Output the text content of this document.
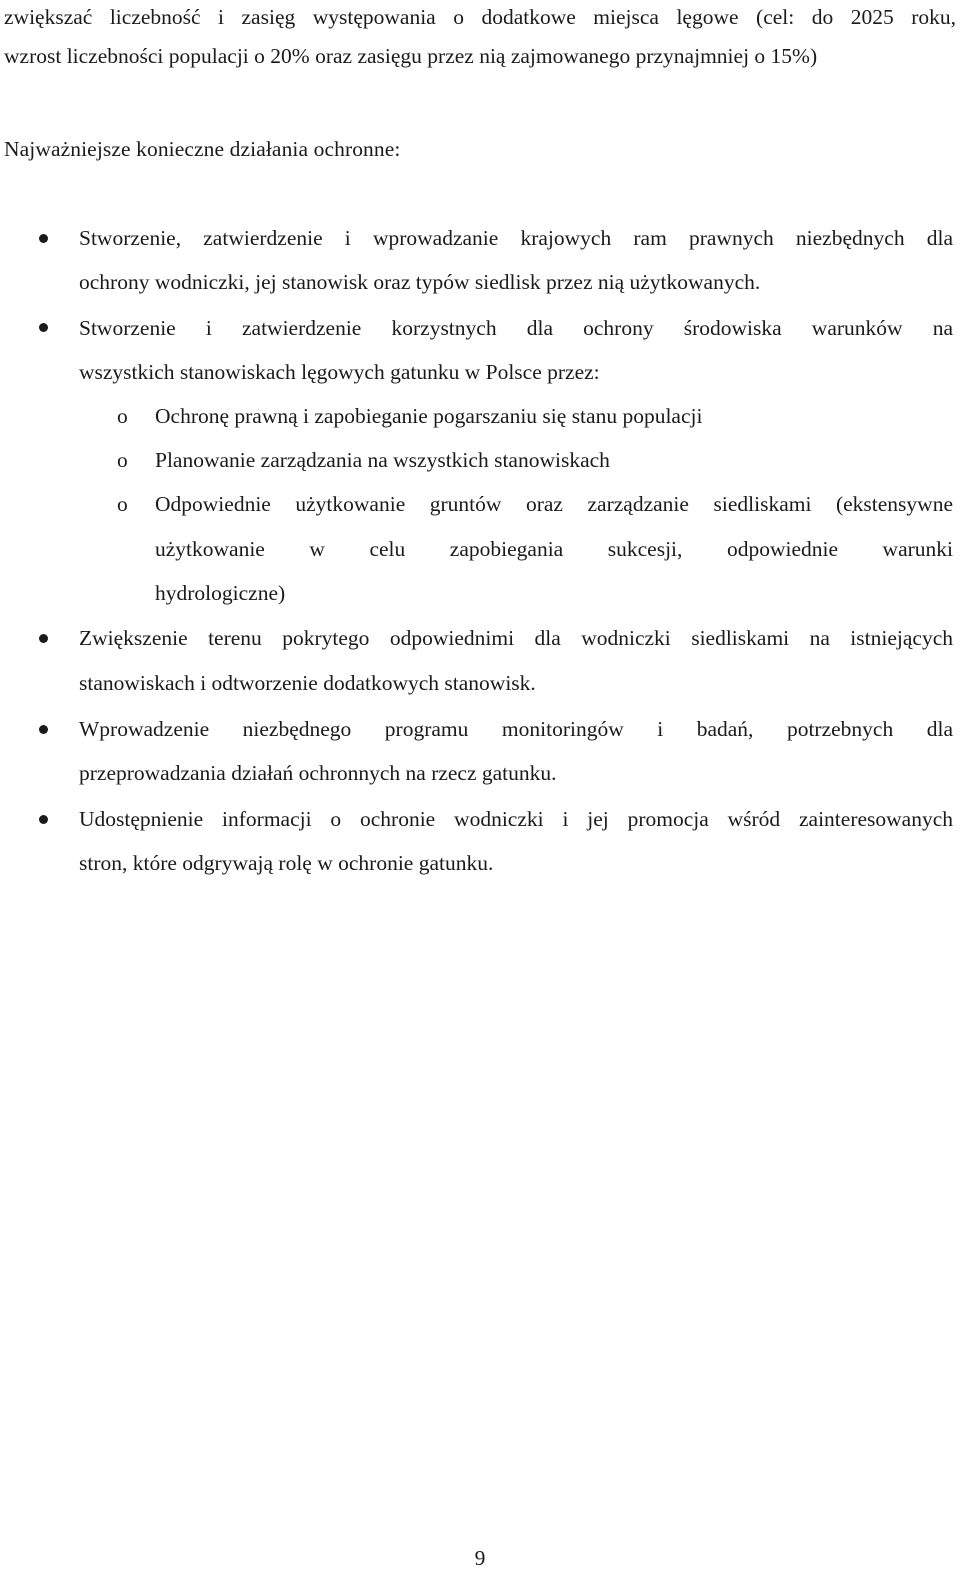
zwiększać liczebność i zasięg występowania o dodatkowe miejsca lęgowe (cel: do 2025 roku,
wzrost liczebności populacji o 20% oraz zasięgu przez nią zajmowanego przynajmniej o 15%)
Najważniejsze konieczne działania ochronne:
Stworzenie, zatwierdzenie i wprowadzanie krajowych ram prawnych niezbędnych dla
ochrony wodniczki, jej stanowisk oraz typów siedlisk przez nią użytkowanych.
Stworzenie i zatwierdzenie korzystnych dla ochrony środowiska warunków na
wszystkich stanowiskach lęgowych gatunku w Polsce przez:
o Ochronę prawną i zapobieganie pogarszaniu się stanu populacji
o Planowanie zarządzania na wszystkich stanowiskach
o Odpowiednie użytkowanie gruntów oraz zarządzanie siedliskami (ekstensywne
użytkowanie w celu zapobiegania sukcesji, odpowiednie warunki
hydrologiczne)
Zwiększenie terenu pokrytego odpowiednimi dla wodniczki siedliskami na istniejących
stanowiskach i odtworzenie dodatkowych stanowisk.
Wprowadzenie niezbędnego programu monitoringów i badań, potrzebnych dla
przeprowadzania działań ochronnych na rzecz gatunku.
Udostępnienie informacji o ochronie wodniczki i jej promocja wśród zainteresowanych
stron, które odgrywają rolę w ochronie gatunku.
9
